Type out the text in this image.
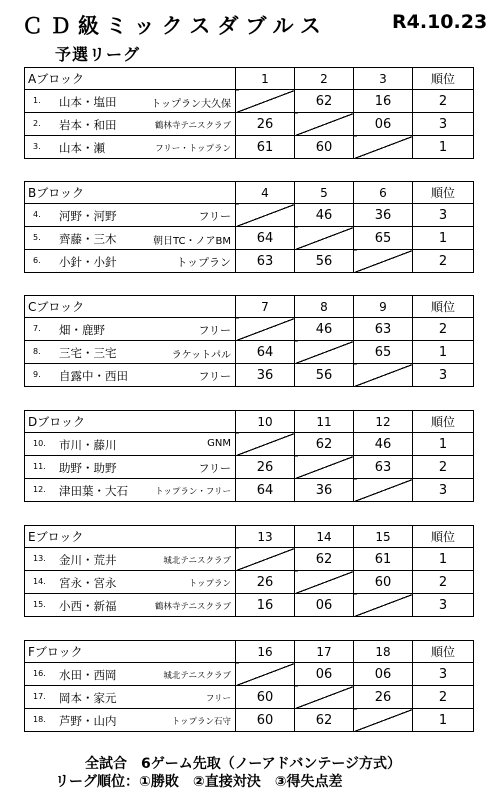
ＣＤ級ミックスダブルス	R4.10.23
予選リーグ
Aブロック	1	2	3	順位

1. 山本・塩田 トップラン大久保		62	16	2

2. 岩本・和田 鶴林寺テニスクラブ	26		06	3

3. 山本・瀬 フリー・トップラン	61	60		1
Bブロック	4	5	6	順位

4. 河野・河野 フリー		46	36	3

5. 齊藤・三木 朝日TC・ノアBM	64		65	1

6. 小針・小針 トップラン	63	56		2
Cブロック	7	8	9	順位

7. 畑・鹿野 フリー		46	63	2

8. 三宅・三宅 ラケットパル	64		65	1

9. 自露中・西田 フリー	36	56		3
Dブロック	10	11	12	順位

10. 市川・藤川 GNM		62	46	1

11. 助野・助野 フリー	26		63	2

12. 津田葉・大石 トップラン・フリー	64	36		3
Eブロック	13	14	15	順位

13. 金川・荒井 城北テニスクラブ		62	61	1

14. 宮永・宮永 トップラン	26		60	2

15. 小西・新福 鶴林寺テニスクラブ	16	06		3
Fブロック	16	17	18	順位

16. 水田・西岡 城北テニスクラブ		06	06	3

17. 岡本・家元 フリー	60		26	2

18. 芦野・山内 トップラン石守	60	62		1
全試合　6ゲーム先取（ノーアドバンテージ方式）
リーグ順位：①勝敗　②直接対決　③得失点差
